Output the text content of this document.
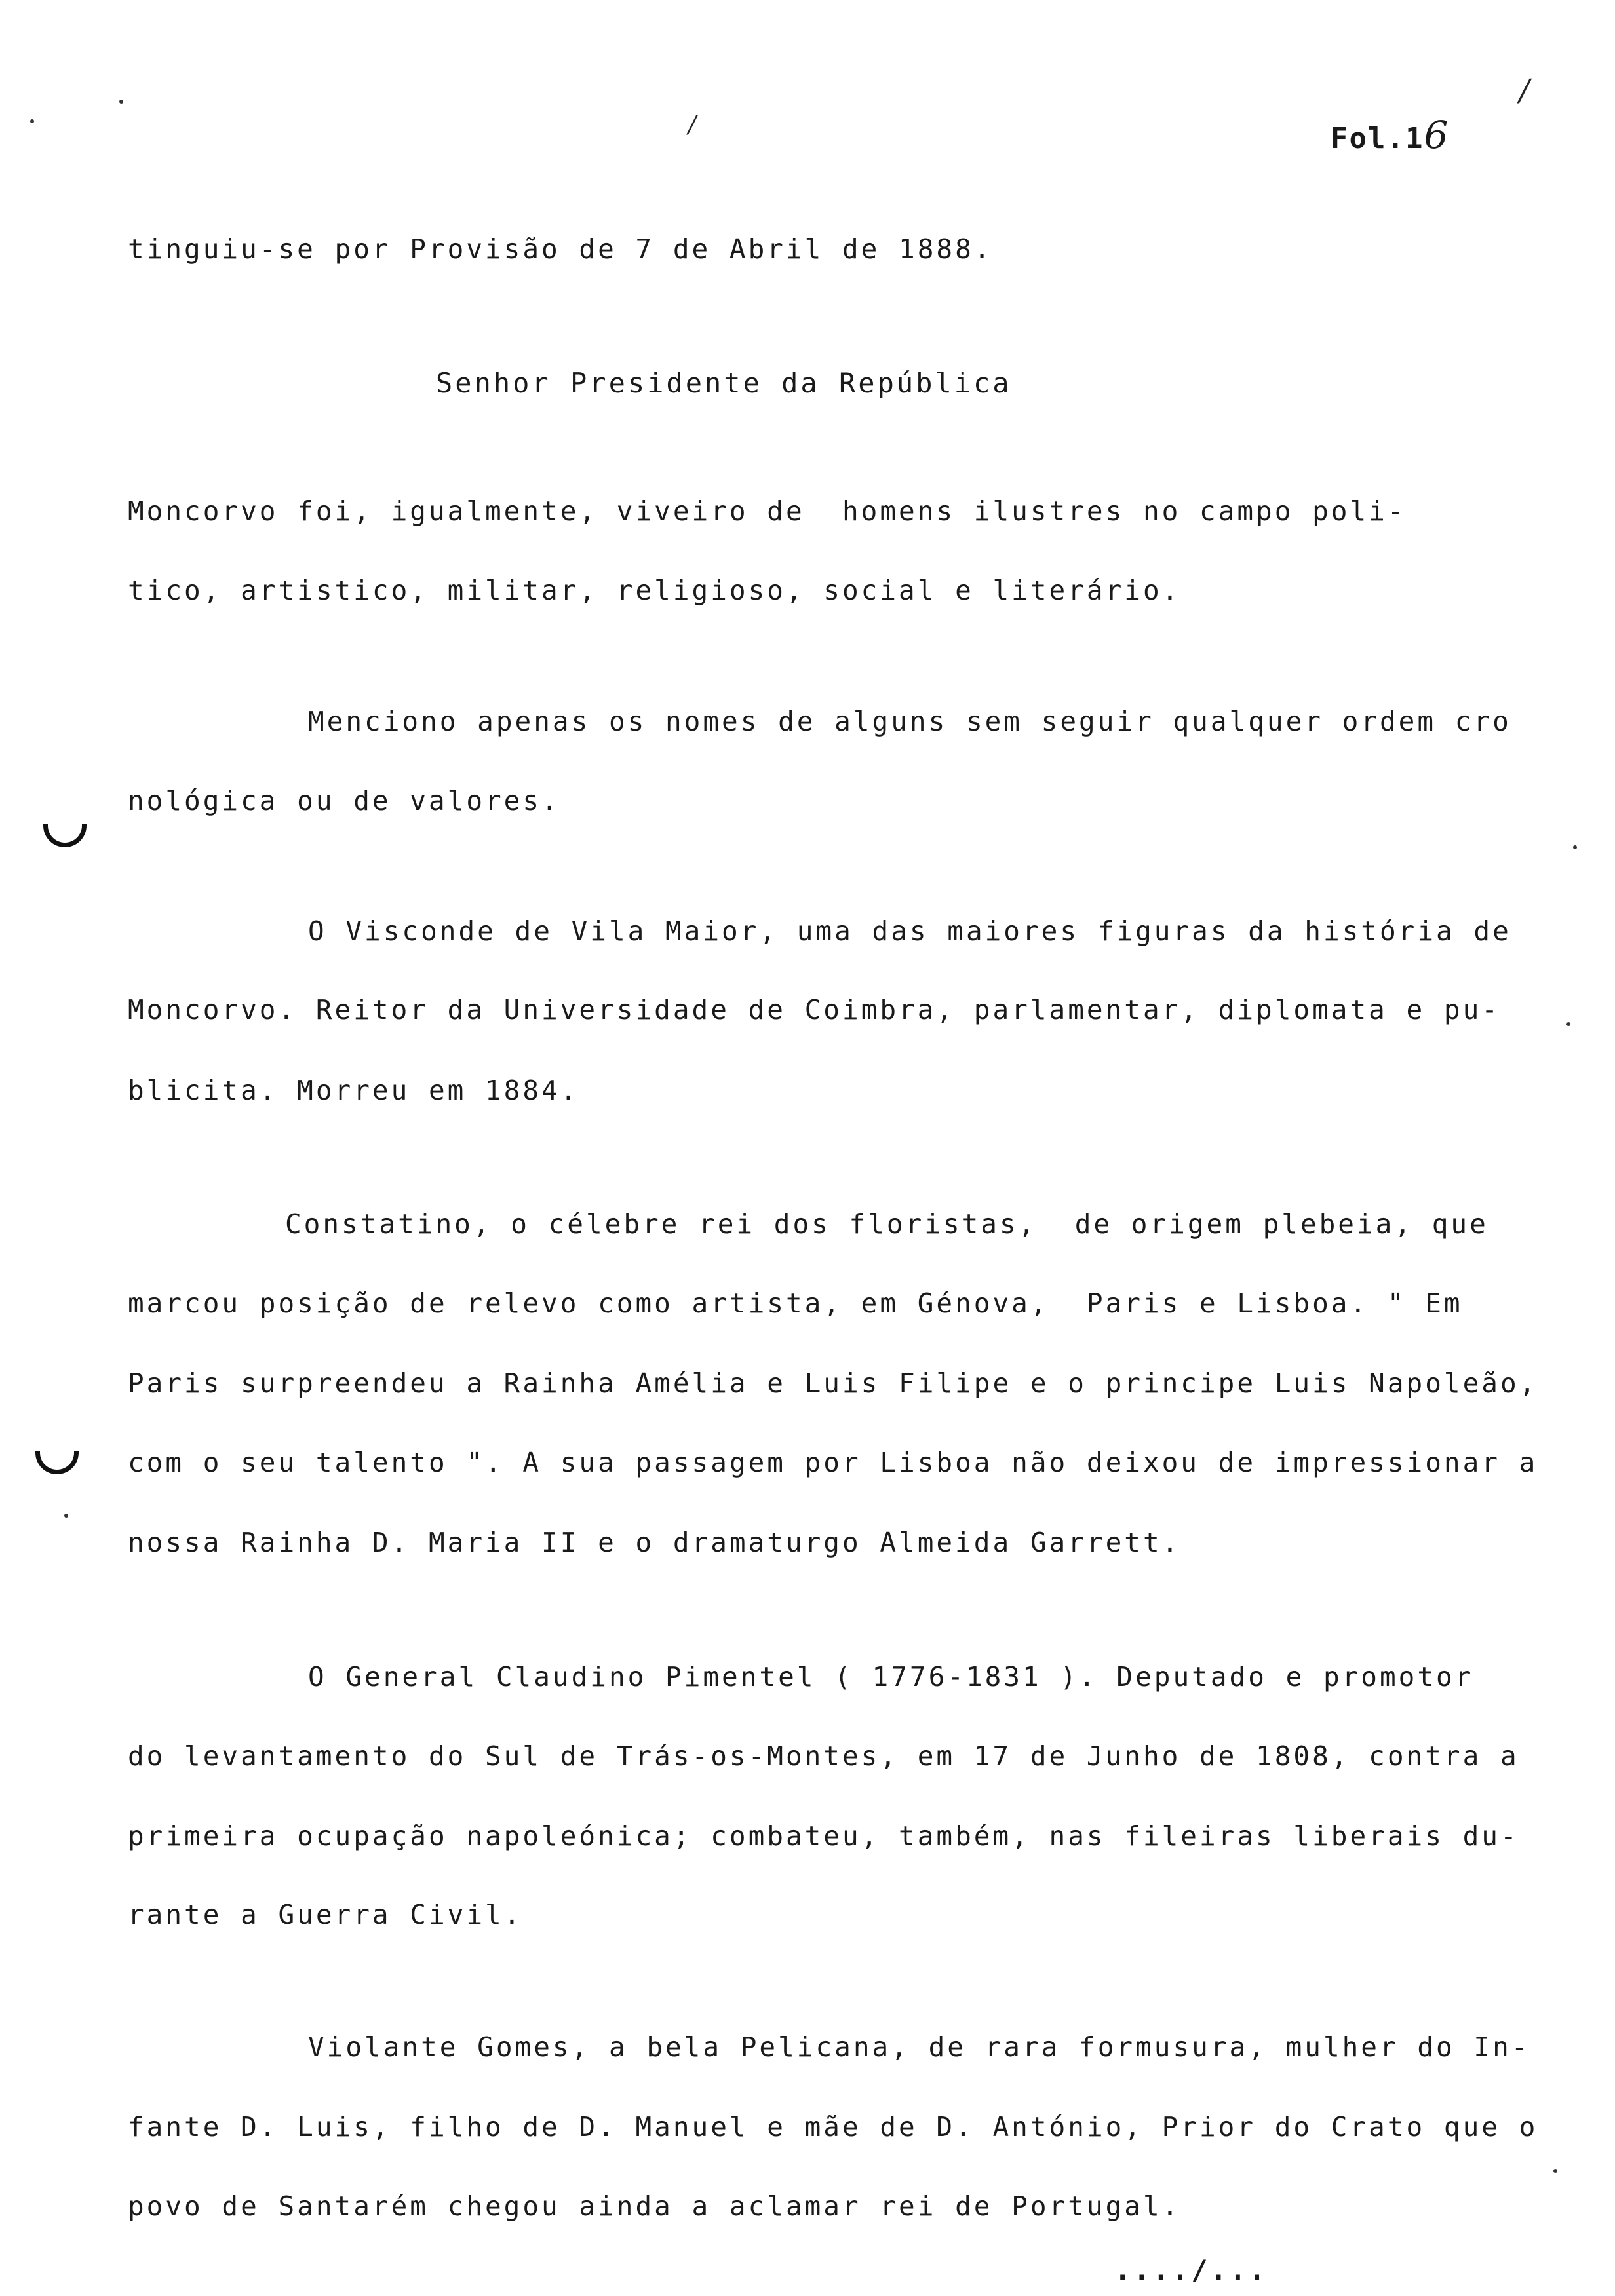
Fol.16
/
/
tinguiu-se por Provisão de 7 de Abril de 1888.
Senhor Presidente da República
Moncorvo foi, igualmente, viveiro de  homens ilustres no campo poli-
tico, artistico, militar, religioso, social e literário.
Menciono apenas os nomes de alguns sem seguir qualquer ordem cro
nológica ou de valores.
O Visconde de Vila Maior, uma das maiores figuras da história de
Moncorvo. Reitor da Universidade de Coimbra, parlamentar, diplomata e pu-
blicita. Morreu em 1884.
Constatino, o célebre rei dos floristas,  de origem plebeia, que
marcou posição de relevo como artista, em Génova,  Paris e Lisboa. " Em
Paris surpreendeu a Rainha Amélia e Luis Filipe e o principe Luis Napoleão,
com o seu talento ". A sua passagem por Lisboa não deixou de impressionar a
nossa Rainha D. Maria II e o dramaturgo Almeida Garrett.
O General Claudino Pimentel ( 1776-1831 ). Deputado e promotor
do levantamento do Sul de Trás-os-Montes, em 17 de Junho de 1808, contra a
primeira ocupação napoleónica; combateu, também, nas fileiras liberais du-
rante a Guerra Civil.
Violante Gomes, a bela Pelicana, de rara formusura, mulher do In-
fante D. Luis, filho de D. Manuel e mãe de D. António, Prior do Crato que o
povo de Santarém chegou ainda a aclamar rei de Portugal.
..../...
